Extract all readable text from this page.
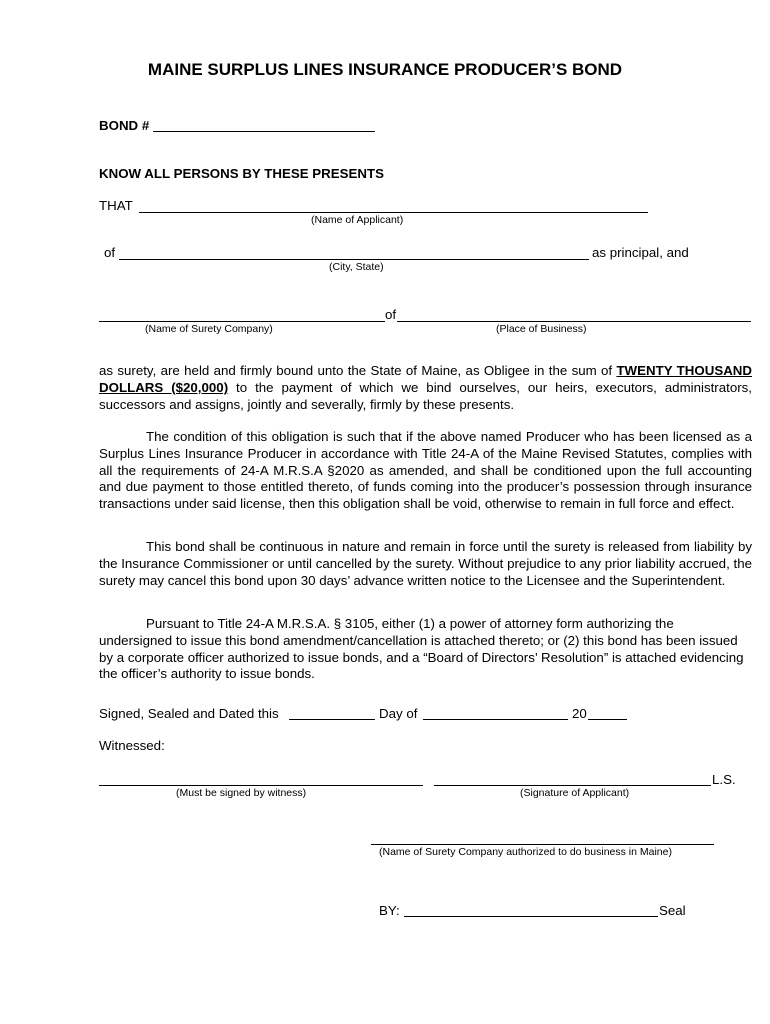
MAINE SURPLUS LINES INSURANCE PRODUCER’S BOND
BOND #
KNOW ALL PERSONS BY THESE PRESENTS
THAT
(Name of Applicant)
of	as principal, and
(City, State)
of
(Name of Surety Company)	(Place of Business)
as surety, are held and firmly bound unto the State of Maine, as Obligee in the sum of TWENTY THOUSAND DOLLARS ($20,000) to the payment of which we bind ourselves, our heirs, executors, administrators, successors and assigns, jointly and severally, firmly by these presents.
The condition of this obligation is such that if the above named Producer who has been licensed as a Surplus Lines Insurance Producer in accordance with Title 24-A of the Maine Revised Statutes, complies with all the requirements of 24-A M.R.S.A §2020 as amended, and shall be conditioned upon the full accounting and due payment to those entitled thereto, of funds coming into the producer’s possession through insurance transactions under said license, then this obligation shall be void, otherwise to remain in full force and effect.
This bond shall be continuous in nature and remain in force until the surety is released from liability by the Insurance Commissioner or until cancelled by the surety. Without prejudice to any prior liability accrued, the surety may cancel this bond upon 30 days’ advance written notice to the Licensee and the Superintendent.
Pursuant to Title 24-A M.R.S.A. § 3105, either (1) a power of attorney form authorizing the undersigned to issue this bond amendment/cancellation is attached thereto; or (2) this bond has been issued by a corporate officer authorized to issue bonds, and a “Board of Directors’ Resolution” is attached evidencing the officer’s authority to issue bonds.
Signed, Sealed and Dated this	Day of	20
Witnessed:
L.S.
(Must be signed by witness)	(Signature of Applicant)
(Name of Surety Company authorized to do business in Maine)
BY:	Seal
